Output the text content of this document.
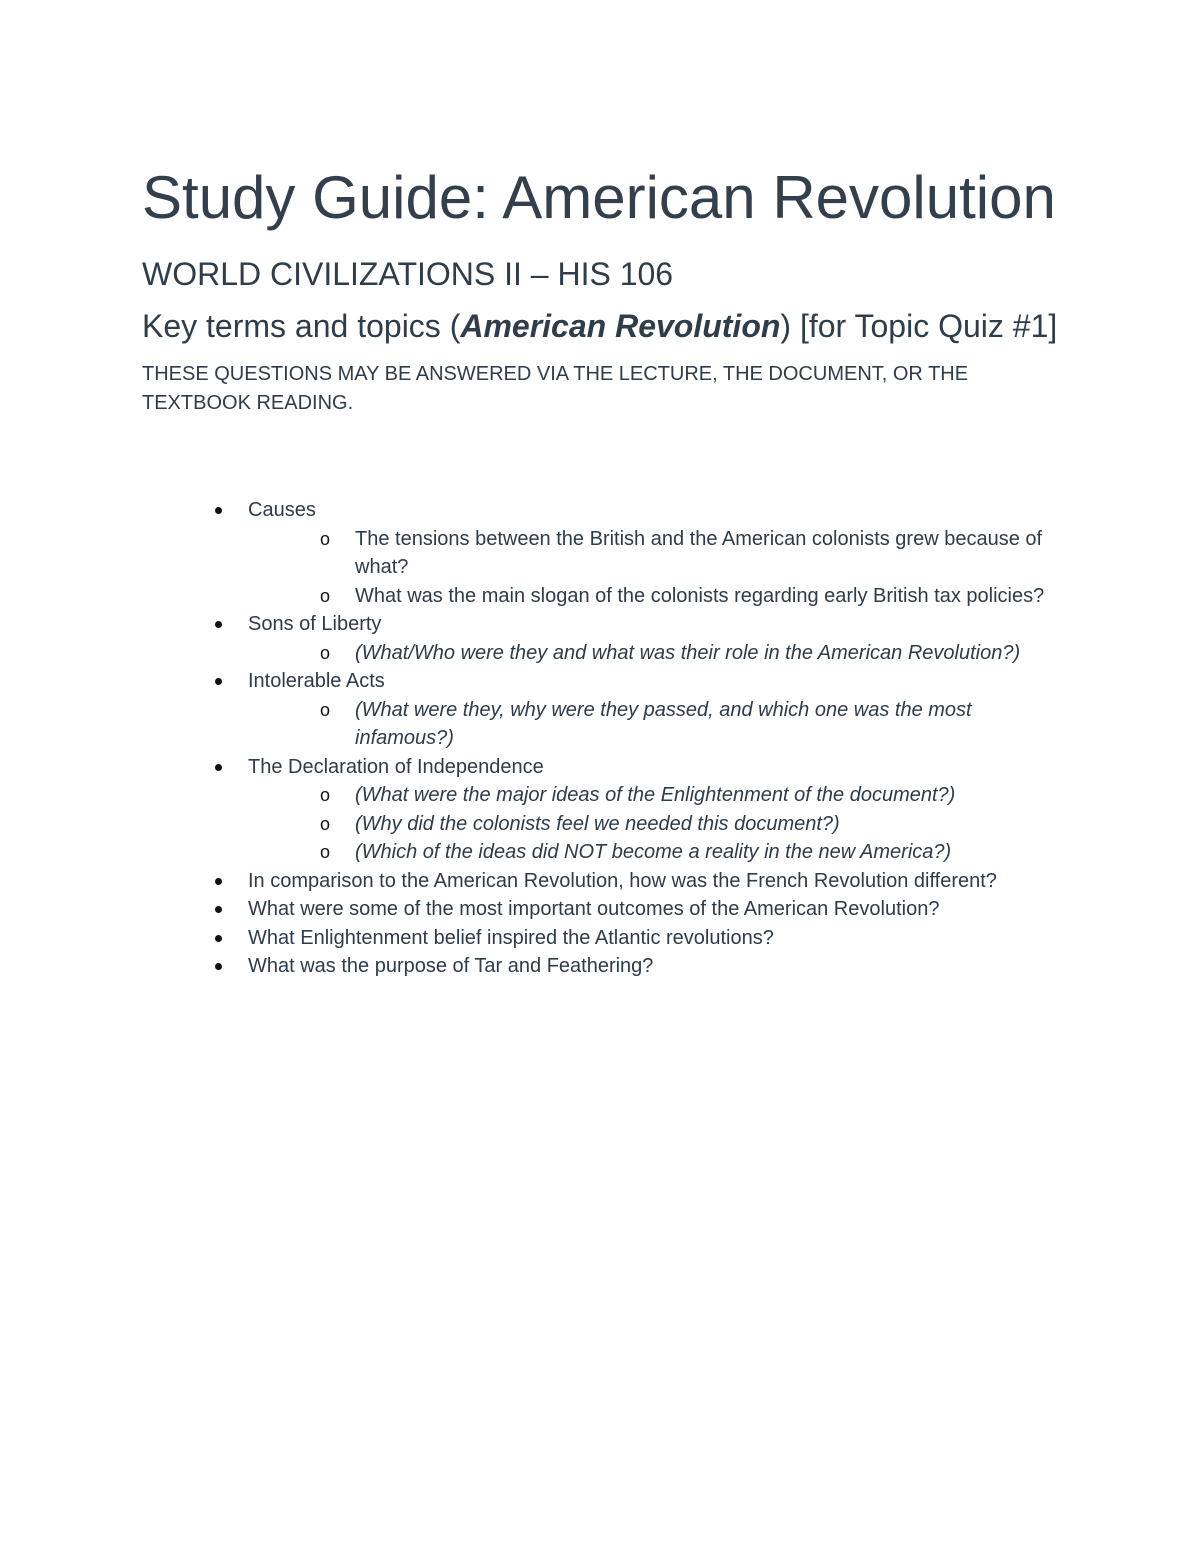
Study Guide: American Revolution
WORLD CIVILIZATIONS II – HIS 106
Key terms and topics (American Revolution) [for Topic Quiz #1]
THESE QUESTIONS MAY BE ANSWERED VIA THE LECTURE, THE DOCUMENT, OR THE TEXTBOOK READING.
Causes
o The tensions between the British and the American colonists grew because of what?
o What was the main slogan of the colonists regarding early British tax policies?
Sons of Liberty
o (What/Who were they and what was their role in the American Revolution?)
Intolerable Acts
o (What were they, why were they passed, and which one was the most infamous?)
The Declaration of Independence
o (What were the major ideas of the Enlightenment of the document?)
o (Why did the colonists feel we needed this document?)
o (Which of the ideas did NOT become a reality in the new America?)
In comparison to the American Revolution, how was the French Revolution different?
What were some of the most important outcomes of the American Revolution?
What Enlightenment belief inspired the Atlantic revolutions?
What was the purpose of Tar and Feathering?
